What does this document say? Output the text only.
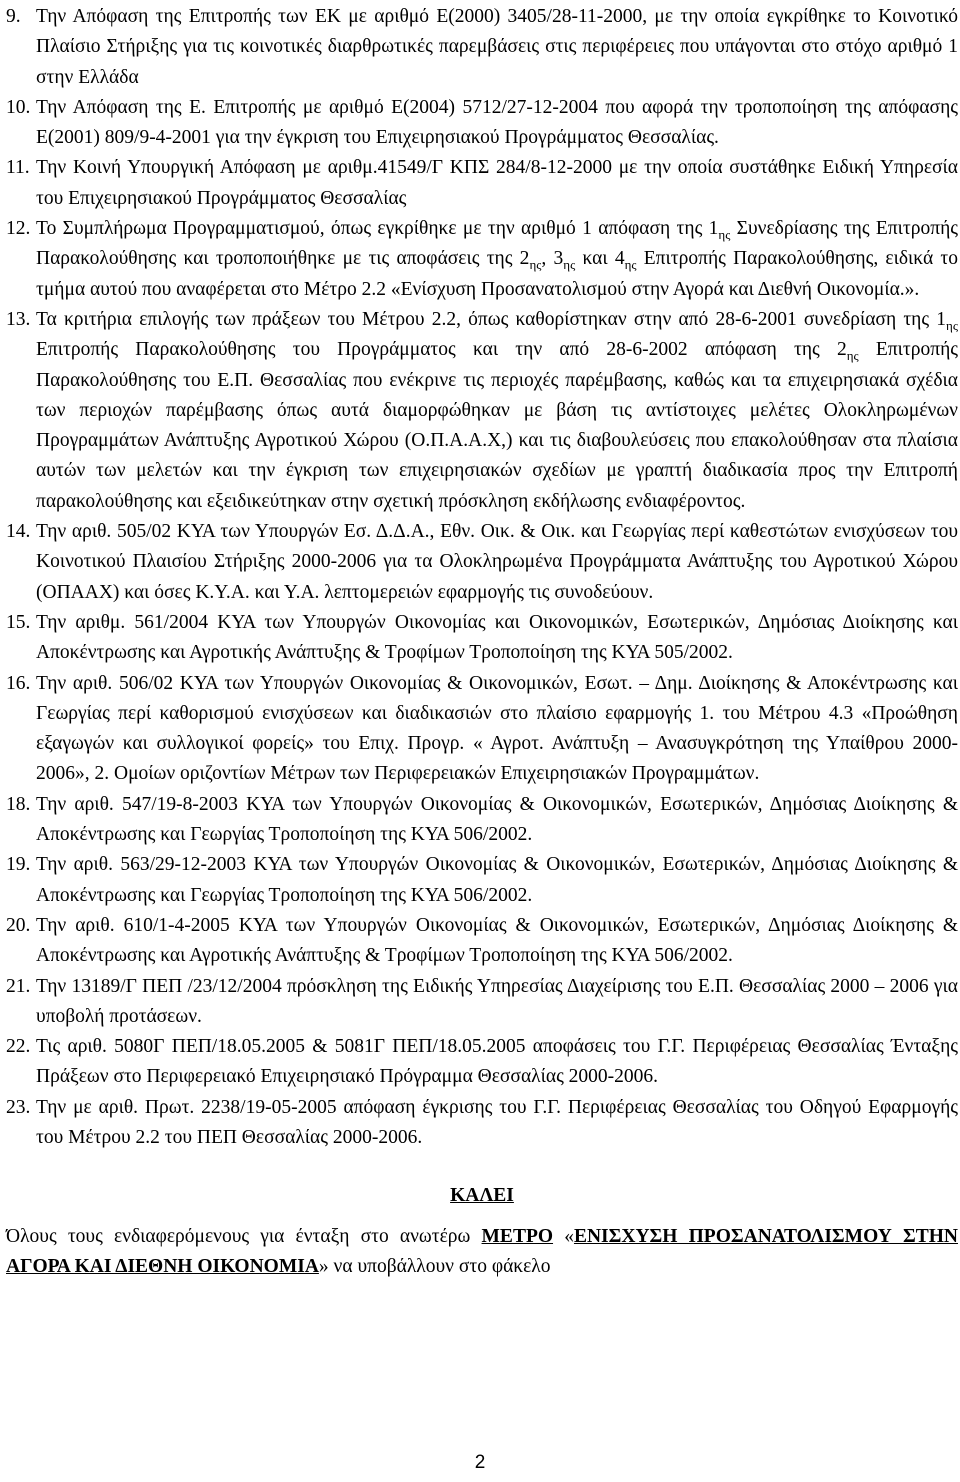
9. Την Απόφαση της Επιτροπής των ΕΚ με αριθμό Ε(2000) 3405/28-11-2000, με την οποία εγκρίθηκε το Κοινοτικό Πλαίσιο Στήριξης για τις κοινοτικές διαρθρωτικές παρεμβάσεις στις περιφέρειες που υπάγονται στο στόχο αριθμό 1 στην Ελλάδα

10. Την Απόφαση της Ε. Επιτροπής με αριθμό Ε(2004) 5712/27-12-2004 που αφορά την τροποποίηση της απόφασης Ε(2001) 809/9-4-2001 για την έγκριση του Επιχειρησιακού Προγράμματος Θεσσαλίας.

11. Την Κοινή Υπουργική Απόφαση με αριθμ.41549/Γ ΚΠΣ 284/8-12-2000 με την οποία συστάθηκε Ειδική Υπηρεσία του Επιχειρησιακού Προγράμματος Θεσσαλίας

12. Το Συμπλήρωμα Προγραμματισμού, όπως εγκρίθηκε με την αριθμό 1 απόφαση της $1_{\eta\varsigma}$ Συνεδρίασης της Επιτροπής Παρακολούθησης και τροποποιήθηκε με τις αποφάσεις της $2_{\eta\varsigma}$, $3_{\eta\varsigma}$ και $4_{\eta\varsigma}$ Επιτροπής Παρακολούθησης, ειδικά το τμήμα αυτού που αναφέρεται στο Μέτρο 2.2 «Ενίσχυση Προσανατολισμού στην Αγορά και Διεθνή Οικονομία.».

13. Τα κριτήρια επιλογής των πράξεων του Μέτρου 2.2, όπως καθορίστηκαν στην από 28-6-2001 συνεδρίαση της $1_{\eta\varsigma}$ Επιτροπής Παρακολούθησης του Προγράμματος και την από 28-6-2002 απόφαση της $2_{\eta\varsigma}$ Επιτροπής Παρακολούθησης του Ε.Π. Θεσσαλίας που ενέκρινε τις περιοχές παρέμβασης, καθώς και τα επιχειρησιακά σχέδια των περιοχών παρέμβασης όπως αυτά διαμορφώθηκαν με βάση τις αντίστοιχες μελέτες Ολοκληρωμένων Προγραμμάτων Ανάπτυξης Αγροτικού Χώρου (Ο.Π.Α.Α.Χ,) και τις διαβουλεύσεις που επακολούθησαν στα πλαίσια αυτών των μελετών και την έγκριση των επιχειρησιακών σχεδίων με γραπτή διαδικασία προς την Επιτροπή παρακολούθησης και εξειδικεύτηκαν στην σχετική πρόσκληση εκδήλωσης ενδιαφέροντος.

14. Την αριθ. 505/02 ΚΥΑ των Υπουργών Εσ. Δ.Δ.Α., Εθν. Οικ. & Οικ. και Γεωργίας περί καθεστώτων ενισχύσεων του Κοινοτικού Πλαισίου Στήριξης 2000-2006 για τα Ολοκληρωμένα Προγράμματα Ανάπτυξης του Αγροτικού Χώρου (ΟΠΑΑΧ) και όσες Κ.Υ.Α. και Υ.Α. λεπτομερειών εφαρμογής τις συνοδεύουν.

15. Την αριθμ. 561/2004 ΚΥΑ των Υπουργών Οικονομίας και Οικονομικών, Εσωτερικών, Δημόσιας Διοίκησης και Αποκέντρωσης και Αγροτικής Ανάπτυξης & Τροφίμων Τροποποίηση της ΚΥΑ 505/2002.

16. Την αριθ. 506/02 ΚΥΑ των Υπουργών Οικονομίας & Οικονομικών, Εσωτ. – Δημ. Διοίκησης & Αποκέντρωσης και Γεωργίας περί καθορισμού ενισχύσεων και διαδικασιών στο πλαίσιο εφαρμογής 1. του Μέτρου 4.3 «Προώθηση εξαγωγών και συλλογικοί φορείς» του Επιχ. Προγρ. « Αγροτ. Ανάπτυξη – Ανασυγκρότηση της Υπαίθρου 2000-2006», 2. Ομοίων οριζοντίων Μέτρων των Περιφερειακών Επιχειρησιακών Προγραμμάτων.

18. Την αριθ. 547/19-8-2003 ΚΥΑ των Υπουργών Οικονομίας & Οικονομικών, Εσωτερικών, Δημόσιας Διοίκησης & Αποκέντρωσης και Γεωργίας Τροποποίηση της ΚΥΑ 506/2002.

19. Την αριθ. 563/29-12-2003 ΚΥΑ των Υπουργών Οικονομίας & Οικονομικών, Εσωτερικών, Δημόσιας Διοίκησης & Αποκέντρωσης και Γεωργίας Τροποποίηση της ΚΥΑ 506/2002.

20. Την αριθ. 610/1-4-2005 ΚΥΑ των Υπουργών Οικονομίας & Οικονομικών, Εσωτερικών, Δημόσιας Διοίκησης & Αποκέντρωσης και Αγροτικής Ανάπτυξης & Τροφίμων Τροποποίηση της ΚΥΑ 506/2002.

21. Την 13189/Γ ΠΕΠ /23/12/2004 πρόσκληση της Ειδικής Υπηρεσίας Διαχείρισης του Ε.Π. Θεσσαλίας 2000 – 2006 για υποβολή προτάσεων.

22. Τις αριθ. 5080Γ ΠΕΠ/18.05.2005 & 5081Γ ΠΕΠ/18.05.2005 αποφάσεις του Γ.Γ. Περιφέρειας Θεσσαλίας Ένταξης Πράξεων στο Περιφερειακό Επιχειρησιακό Πρόγραμμα Θεσσαλίας 2000-2006.

23. Την με αριθ. Πρωτ. 2238/19-05-2005 απόφαση έγκρισης του Γ.Γ. Περιφέρειας Θεσσαλίας του Οδηγού Εφαρμογής του Μέτρου 2.2 του ΠΕΠ Θεσσαλίας 2000-2006.

ΚΑΛΕΙ

Όλους τους ενδιαφερόμενους για ένταξη στο ανωτέρω ΜΕΤΡΟ «ΕΝΙΣΧΥΣΗ ΠΡΟΣΑΝΑΤΟΛΙΣΜΟΥ ΣΤΗΝ ΑΓΟΡΑ ΚΑΙ ΔΙΕΘΝΗ ΟΙΚΟΝΟΜΙΑ» να υποβάλλουν στο φάκελο

2
